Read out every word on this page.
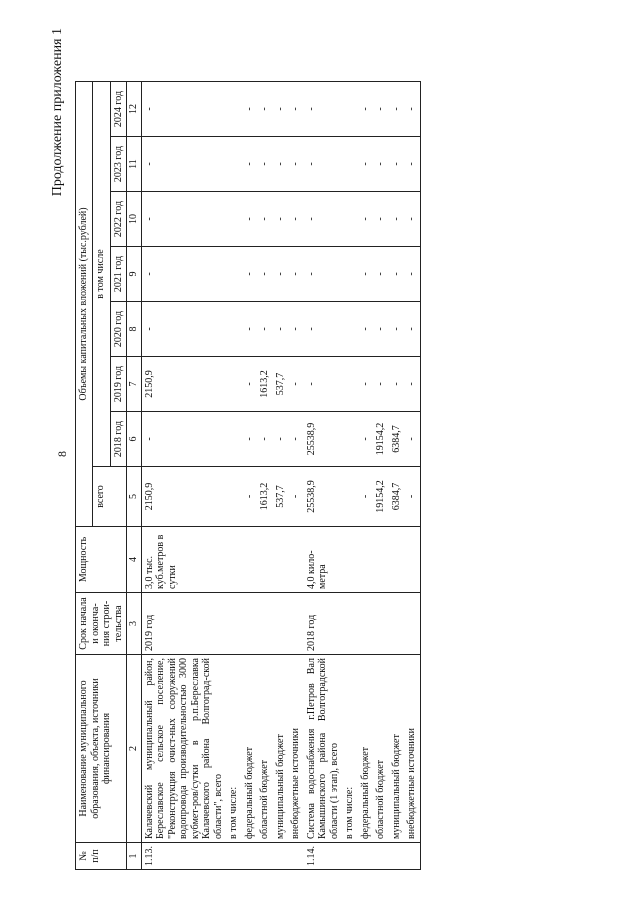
8
Продолжение приложения 1
№ п/п	Наименование муниципального образования, объекта, источники финансирования	Срок начала и оконча-ния строи-тельства	Мощность	Объемы капитальных вложений (тыс.рублей)							
				всего	в том числе						
					2018 год	2019 год	2020 год	2021 год	2022 год	2023 год	2024 год
1	2	3	4	5	6	7	8	9	10	11	12
1.13.	Калачевский муниципальный район, Береславское сельское поселение, "Реконструкция очист-ных сооружений водопровода производительностью 3000 кубмет-ров/сутки в р.п.Береславка Калачевского района Волгоград-ской области", всего	2019 год	3,0 тыс. куб.метров в сутки	2150,9	-	2150,9	-	-	-	-	-
	в том числе:										
	федеральный бюджет			-	-	-	-	-	-	-	-
	областной бюджет			1613,2	-	1613,2	-	-	-	-	-
	муниципальный бюджет			537,7	-	537,7	-	-	-	-	-
	внебюджетные источники			-	-	-	-	-	-	-	-
1.14.	Система водоснабжения г.Петров Вал Камышинского района Волгоградской области (1 этап), всего	2018 год	4,0 кило-метра	25538,9	25538,9	-	-	-	-	-	-
	в том числе:										
	федеральный бюджет			-	-	-	-	-	-	-	-
	областной бюджет			19154,2	19154,2	-	-	-	-	-	-
	муниципальный бюджет			6384,7	6384,7	-	-	-	-	-	-
	внебюджетные источники			-	-	-	-	-	-	-	-
